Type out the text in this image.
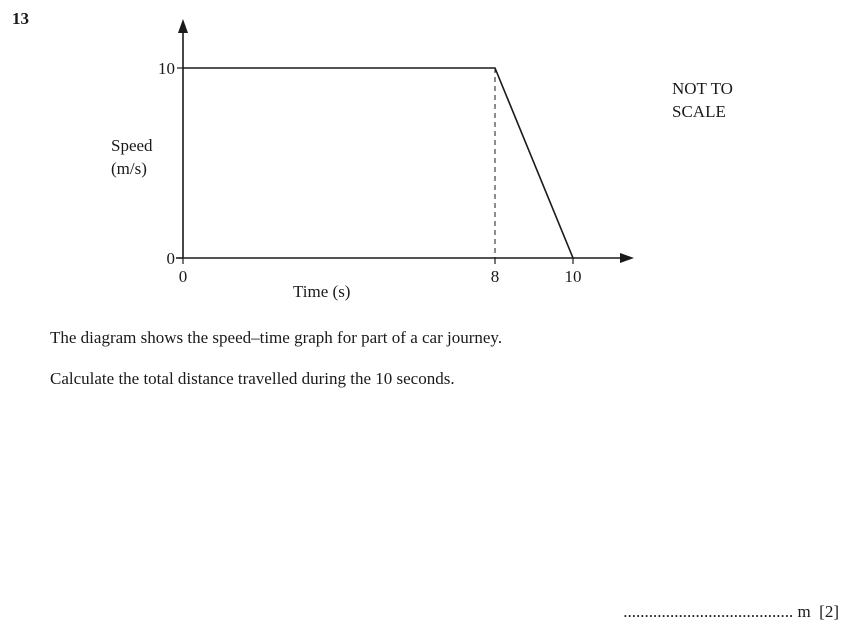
13
0	8	10
0
10
Speed
(m/s)
Time (s)
NOT TO
SCALE
The diagram shows the speed–time graph for part of a car journey.
Calculate the total distance travelled during the 10 seconds.
........................................ m [2]
